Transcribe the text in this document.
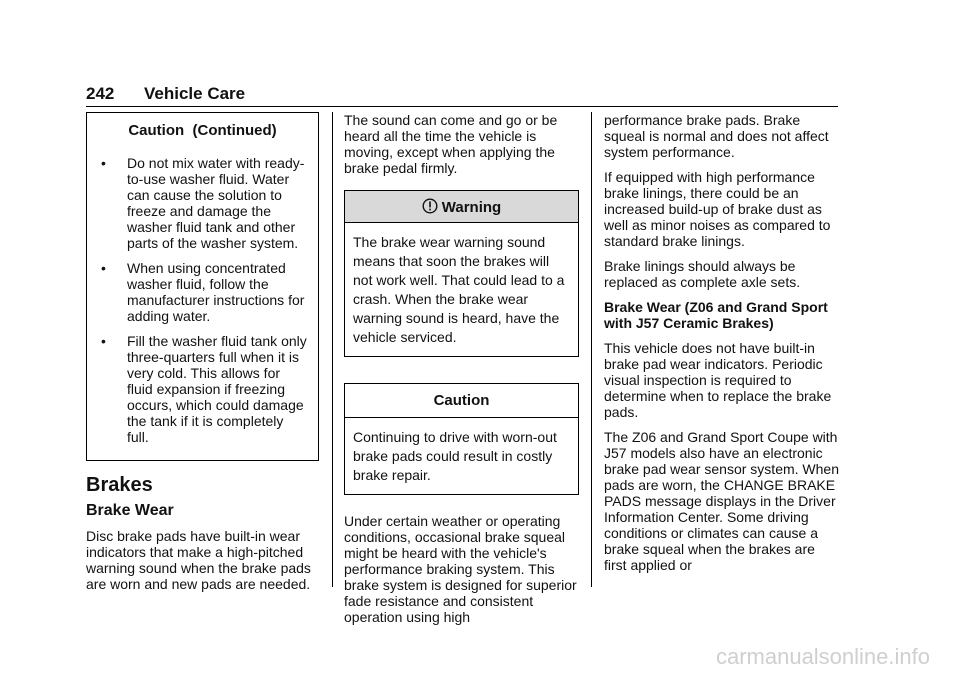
242 Vehicle Care
Caution  (Continued)
• Do not mix water with ready-to-use washer fluid. Water can cause the solution to freeze and damage the washer fluid tank and other parts of the washer system.
• When using concentrated washer fluid, follow the manufacturer instructions for adding water.
• Fill the washer fluid tank only three-quarters full when it is very cold. This allows for fluid expansion if freezing occurs, which could damage the tank if it is completely full.
Brakes
Brake Wear

Disc brake pads have built-in wear indicators that make a high-pitched warning sound when the brake pads are worn and new pads are needed.

The sound can come and go or be heard all the time the vehicle is moving, except when applying the brake pedal firmly.

Warning
The brake wear warning sound means that soon the brakes will not work well. That could lead to a crash. When the brake wear warning sound is heard, have the vehicle serviced.
Caution
Continuing to drive with worn-out brake pads could result in costly brake repair.

Under certain weather or operating conditions, occasional brake squeal might be heard with the vehicle's performance braking system. This brake system is designed for superior fade resistance and consistent operation using high

performance brake pads. Brake squeal is normal and does not affect system performance.

If equipped with high performance brake linings, there could be an increased build-up of brake dust as well as minor noises as compared to standard brake linings.

Brake linings should always be replaced as complete axle sets.

Brake Wear (Z06 and Grand Sport with J57 Ceramic Brakes)

This vehicle does not have built-in brake pad wear indicators. Periodic visual inspection is required to determine when to replace the brake pads.

The Z06 and Grand Sport Coupe with J57 models also have an electronic brake pad wear sensor system. When pads are worn, the CHANGE BRAKE PADS message displays in the Driver Information Center. Some driving conditions or climates can cause a brake squeal when the brakes are first applied or

carmanualsonline.info
